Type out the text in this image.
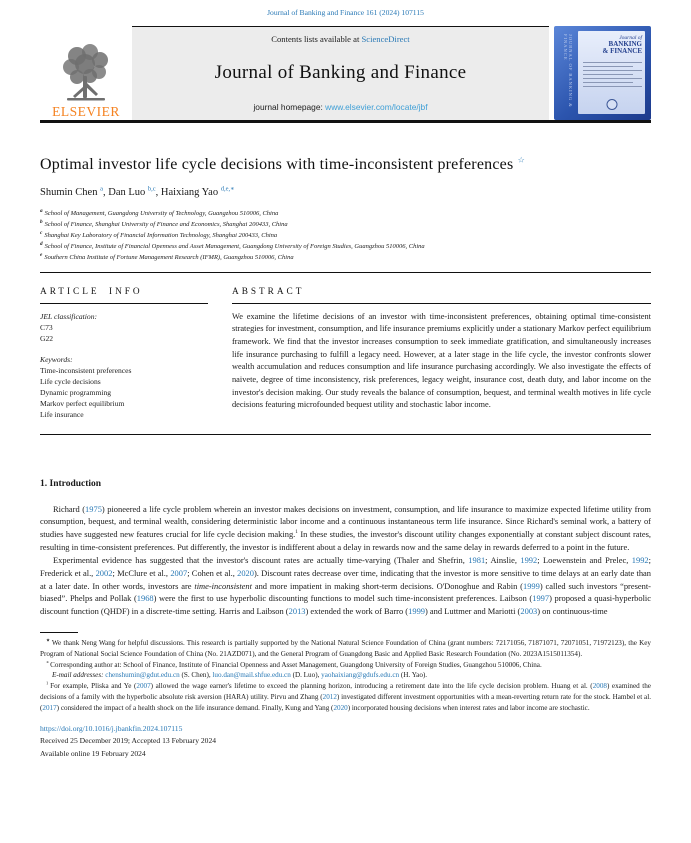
Journal of Banking and Finance 161 (2024) 107115
ELSEVIER
Contents lists available at ScienceDirect
Journal of Banking and Finance
journal homepage: www.elsevier.com/locate/jbf	JOURNAL OF BANKING & FINANCE	Journal of
BANKING
& FINANCE
Optimal investor life cycle decisions with time-inconsistent preferences ☆
Shumin Chen $^a$, Dan Luo $^{b,c}$, Haixiang Yao $^{d,e,∗}$
$^a$ School of Management, Guangdong University of Technology, Guangzhou 510006, China
$^b$ School of Finance, Shanghai University of Finance and Economics, Shanghai 200433, China
$^c$ Shanghai Key Laboratory of Financial Information Technology, Shanghai 200433, China
$^d$ School of Finance, Institute of Financial Openness and Asset Management, Guangdong University of Foreign Studies, Guangzhou 510006, China
$^e$ Southern China Institute of Fortune Management Research (IFMR), Guangzhou 510006, China
ARTICLE INFO
JEL classification:
C73
G22
Keywords:
Time-inconsistent preferences
Life cycle decisions
Dynamic programming
Markov perfect equilibrium
Life insurance
ABSTRACT
We examine the lifetime decisions of an investor with time-inconsistent preferences, obtaining optimal time-consistent strategies for investment, consumption, and life insurance premiums explicitly under a stationary Markov perfect equilibrium framework. We find that the investor increases consumption to seek immediate gratification, and simultaneously increases life insurance purchasing to fulfill a legacy need. However, at a later stage in the life cycle, the investor confronts slower wealth accumulation and reduces consumption and life insurance purchasing accordingly. We also investigate the effects of naivete, degree of time inconsistency, risk preferences, legacy weight, insurance cost, death duty, and labor income on the investor's decision making. Our study reveals the balance of consumption, bequest, and terminal wealth motives in life cycle decisions featuring microfounded bequest utility and stochastic labor income.
1. Introduction

Richard (1975) pioneered a life cycle problem wherein an investor makes decisions on investment, consumption, and life insurance to maximize expected lifetime utility from consumption, bequest, and terminal wealth, considering deterministic labor income and a continuous instantaneous term life insurance. Since Richard's seminal work, a battery of studies have suggested new features crucial for life cycle decision making.$^1$ In these studies, the investor's discount utility changes exponentially at constant subject discount rates, resulting in time-consistent preferences. Put differently, the investor is indifferent about a delay in rewards now and the same delay in rewards deferred to a point in the future.

Experimental evidence has suggested that the investor's discount rates are actually time-varying (Thaler and Shefrin, 1981; Ainslie, 1992; Loewenstein and Prelec, 1992; Frederick et al., 2002; McClure et al., 2007; Cohen et al., 2020). Discount rates decrease over time, indicating that the investor is more sensitive to time delays at an early date than at a later date. In other words, investors are time-inconsistent and more impatient in making short-term decisions. O'Donoghue and Rabin (1999) called such investors “present-biased”. Phelps and Pollak (1968) were the first to use hyperbolic discounting functions to model such time-inconsistent preferences. Laibson (1997) proposed a quasi-hyperbolic discount function (QHDF) in a discrete-time setting. Harris and Laibson (2013) extended the work of Barro (1999) and Luttmer and Mariotti (2003) on continuous-time

★ We thank Neng Wang for helpful discussions. This research is partially supported by the National Natural Science Foundation of China (grant numbers: 72171056, 71871071, 72071051, 71972123), the Key Program of National Social Science Foundation of China (No. 21AZD071), and the General Program of Guangdong Basic and Applied Basic Research Foundation (No. 2023A1515011354).

∗ Corresponding author at: School of Finance, Institute of Financial Openness and Asset Management, Guangdong University of Foreign Studies, Guangzhou 510006, China.

E-mail addresses: chenshumin@gdut.edu.cn (S. Chen), luo.dan@mail.shfue.edu.cn (D. Luo), yaohaixiang@gdufs.edu.cn (H. Yao).

$^1$ For example, Pliska and Ye (2007) allowed the wage earner's lifetime to exceed the planning horizon, introducing a retirement date into the life cycle decision problem. Huang et al. (2008) examined the decisions of a family with the hyperbolic absolute risk aversion (HARA) utility. Pirvu and Zhang (2012) investigated different investment opportunities with a mean-reverting return rate for the stock. Hambel et al. (2017) considered the impact of a health shock on the life insurance demand. Finally, Kung and Yang (2020) incorporated housing decisions when interest rates and labor income are stochastic.

https://doi.org/10.1016/j.jbankfin.2024.107115
Received 25 December 2019; Accepted 13 February 2024
Available online 19 February 2024
